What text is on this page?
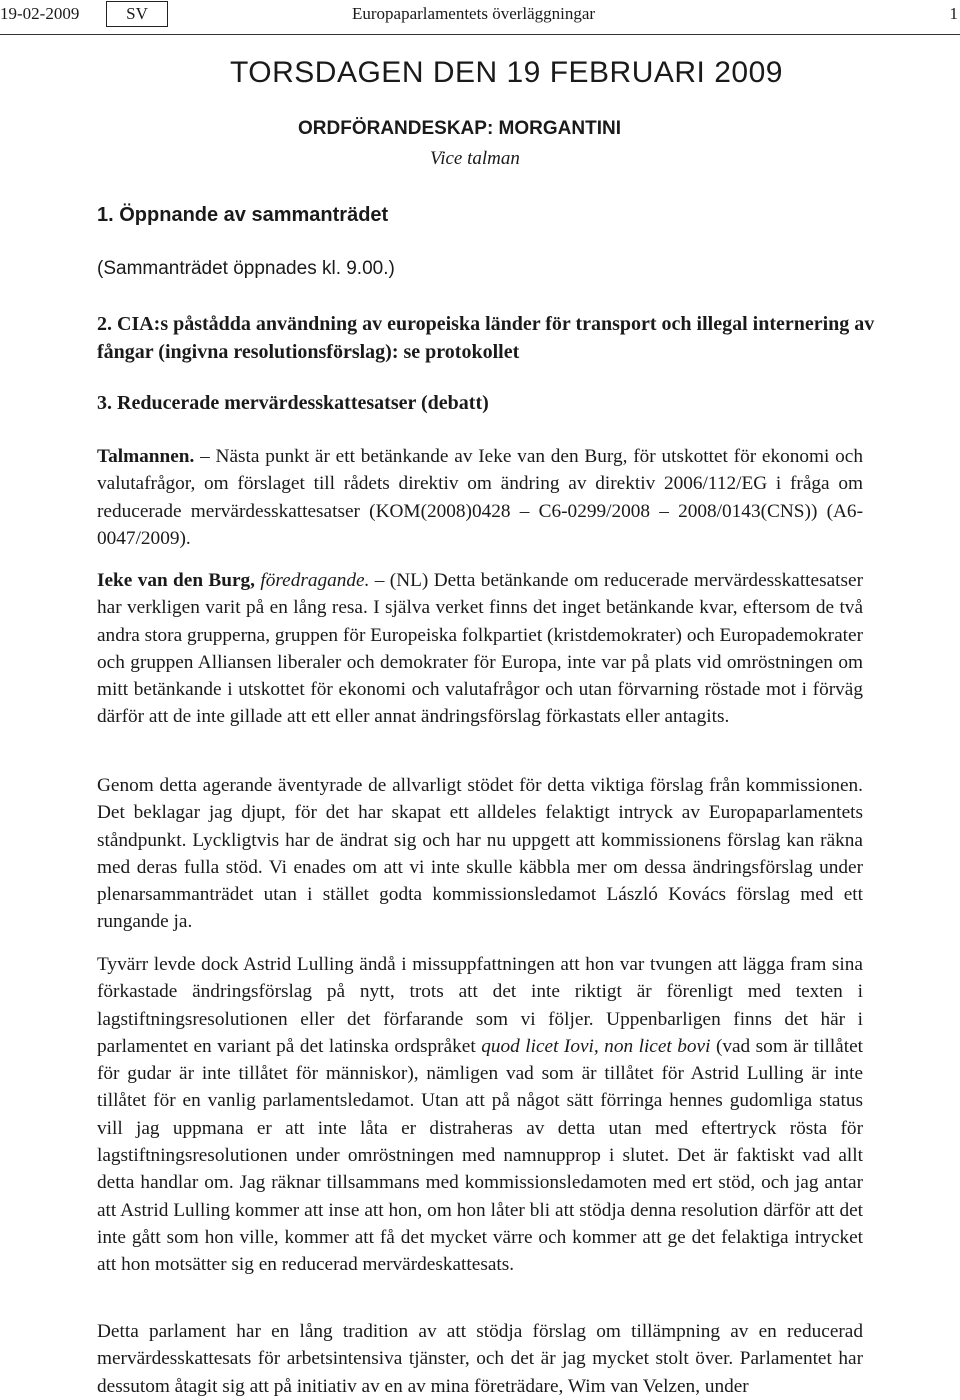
19-02-2009	SV	Europaparlamentets överläggningar	1
TORSDAGEN DEN 19 FEBRUARI 2009
ORDFÖRANDESKAP: MORGANTINI
Vice talman
1. Öppnande av sammanträdet
(Sammanträdet öppnades kl. 9.00.)
2. CIA:s påstådda användning av europeiska länder för transport och illegal internering av fångar (ingivna resolutionsförslag): se protokollet
3. Reducerade mervärdesskattesatser (debatt)
Talmannen. – Nästa punkt är ett betänkande av Ieke van den Burg, för utskottet för ekonomi och valutafrågor, om förslaget till rådets direktiv om ändring av direktiv 2006/112/EG i fråga om reducerade mervärdesskattesatser (KOM(2008)0428 – C6-0299/2008 – 2008/0143(CNS)) (A6-0047/2009).
Ieke van den Burg, föredragande. – (NL) Detta betänkande om reducerade mervärdesskattesatser har verkligen varit på en lång resa. I själva verket finns det inget betänkande kvar, eftersom de två andra stora grupperna, gruppen för Europeiska folkpartiet (kristdemokrater) och Europademokrater och gruppen Alliansen liberaler och demokrater för Europa, inte var på plats vid omröstningen om mitt betänkande i utskottet för ekonomi och valutafrågor och utan förvarning röstade mot i förväg därför att de inte gillade att ett eller annat ändringsförslag förkastats eller antagits.
Genom detta agerande äventyrade de allvarligt stödet för detta viktiga förslag från kommissionen. Det beklagar jag djupt, för det har skapat ett alldeles felaktigt intryck av Europaparlamentets ståndpunkt. Lyckligtvis har de ändrat sig och har nu uppgett att kommissionens förslag kan räkna med deras fulla stöd. Vi enades om att vi inte skulle käbbla mer om dessa ändringsförslag under plenarsammanträdet utan i stället godta kommissionsledamot László Kovács förslag med ett rungande ja.
Tyvärr levde dock Astrid Lulling ändå i missuppfattningen att hon var tvungen att lägga fram sina förkastade ändringsförslag på nytt, trots att det inte riktigt är förenligt med texten i lagstiftningsresolutionen eller det förfarande som vi följer. Uppenbarligen finns det här i parlamentet en variant på det latinska ordspråket quod licet Iovi, non licet bovi (vad som är tillåtet för gudar är inte tillåtet för människor), nämligen vad som är tillåtet för Astrid Lulling är inte tillåtet för en vanlig parlamentsledamot. Utan att på något sätt förringa hennes gudomliga status vill jag uppmana er att inte låta er distraheras av detta utan med eftertryck rösta för lagstiftningsresolutionen under omröstningen med namnupprop i slutet. Det är faktiskt vad allt detta handlar om. Jag räknar tillsammans med kommissionsledamoten med ert stöd, och jag antar att Astrid Lulling kommer att inse att hon, om hon låter bli att stödja denna resolution därför att det inte gått som hon ville, kommer att få det mycket värre och kommer att ge det felaktiga intrycket att hon motsätter sig en reducerad mervärdeskattesats.
Detta parlament har en lång tradition av att stödja förslag om tillämpning av en reducerad mervärdesskattesats för arbetsintensiva tjänster, och det är jag mycket stolt över. Parlamentet har dessutom åtagit sig att på initiativ av en av mina företrädare, Wim van Velzen, under
